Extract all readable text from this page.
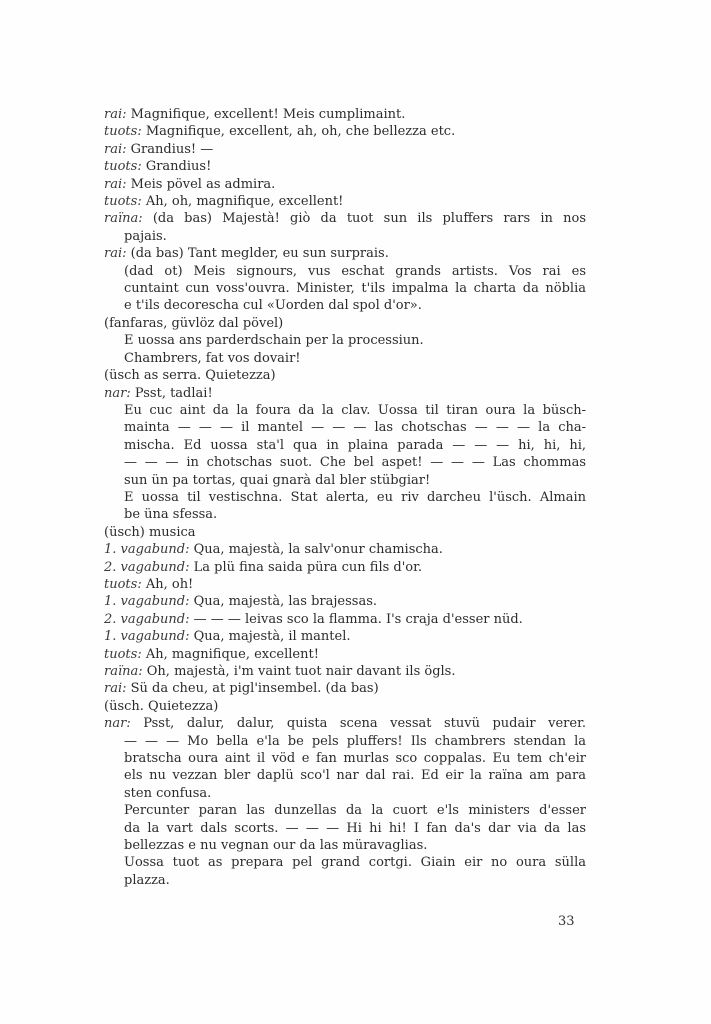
rai: Magnifique, excellent! Meis cumplimaint.
tuots: Magnifique, excellent, ah, oh, che bellezza etc.
rai: Grandius! —
tuots: Grandius!
rai: Meis pövel as admira.
tuots: Ah, oh, magnifique, excellent!
raïna: (da bas) Majestà! giò da tuot sun ils pluffers rars in nos
pajais.
rai: (da bas) Tant meglder, eu sun surprais.
(dad ot) Meis signours, vus eschat grands artists. Vos rai es
cuntaint cun voss'ouvra. Minister, t'ils impalma la charta da nöblia
e t'ils decorescha cul «Uorden dal spol d'or».
(fanfaras, güvlöz dal pövel)
E uossa ans parderdschain per la processiun.
Chambrers, fat vos dovair!
(üsch as serra. Quietezza)
nar: Psst, tadlai!
Eu cuc aint da la foura da la clav. Uossa til tiran oura la büsch-
mainta — — — il mantel — — — las chotschas — — — la cha-
mischa. Ed uossa sta'l qua in plaina parada — — — hi, hi, hi,
— — — in chotschas suot. Che bel aspet! — — — Las chommas
sun ün pa tortas, quai gnarà dal bler stübgiar!
E uossa til vestischna. Stat alerta, eu riv darcheu l'üsch. Almain
be üna sfessa.
(üsch) musica
1. vagabund: Qua, majestà, la salv'onur chamischa.
2. vagabund: La plü fina saida püra cun fils d'or.
tuots: Ah, oh!
1. vagabund: Qua, majestà, las brajessas.
2. vagabund: — — — leivas sco la flamma. I's craja d'esser nüd.
1. vagabund: Qua, majestà, il mantel.
tuots: Ah, magnifique, excellent!
raïna: Oh, majestà, i'm vaint tuot nair davant ils ögls.
rai: Sü da cheu, at pigl'insembel. (da bas)
(üsch. Quietezza)
nar: Psst, dalur, dalur, quista scena vessat stuvü pudair verer.
— — — Mo bella e'la be pels pluffers! Ils chambrers stendan la
bratscha oura aint il vöd e fan murlas sco coppalas. Eu tem ch'eir
els nu vezzan bler daplü sco'l nar dal rai. Ed eir la raïna am para
sten confusa.
Percunter paran las dunzellas da la cuort e'ls ministers d'esser
da la vart dals scorts. — — — Hi hi hi! I fan da's dar via da las
bellezzas e nu vegnan our da las müravaglias.
Uossa tuot as prepara pel grand cortgi. Giain eir no oura sülla
plazza.
33
